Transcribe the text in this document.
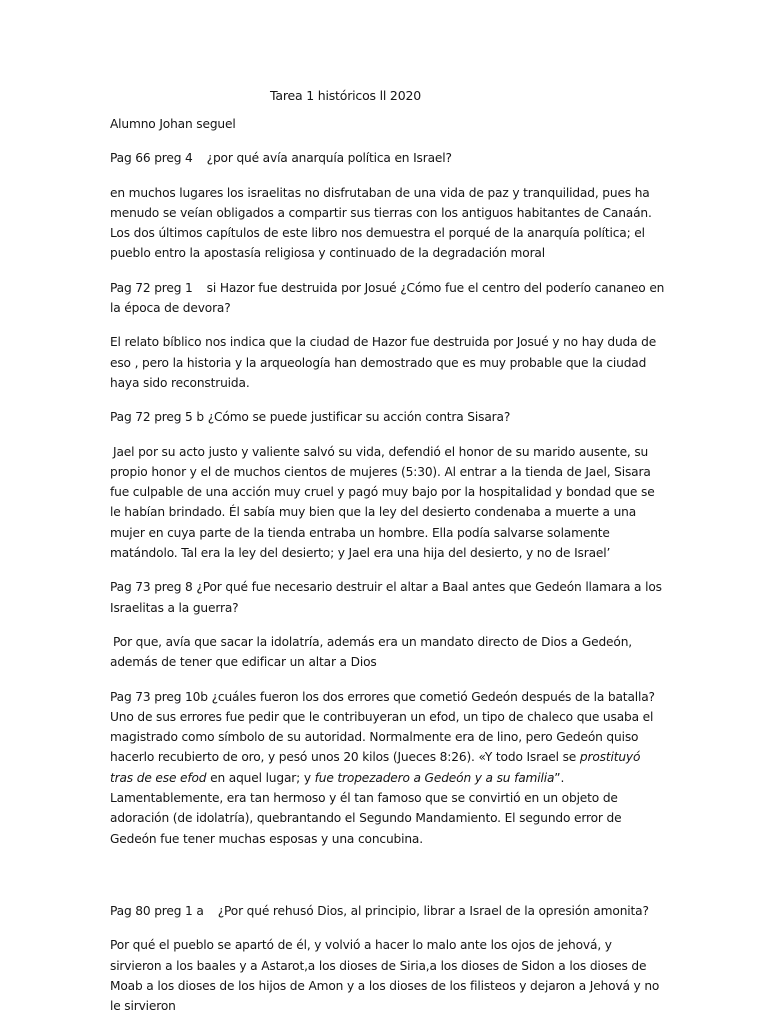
Tarea 1 históricos ll 2020

Alumno Johan seguel

Pag 66 preg 4 ¿por qué avía anarquía política en Israel?

en muchos lugares los israelitas no disfrutaban de una vida de paz y tranquilidad, pues ha menudo se veían obligados a compartir sus tierras con los antiguos habitantes de Canaán. Los dos últimos capítulos de este libro nos demuestra el porqué de la anarquía política; el pueblo entro la apostasía religiosa y continuado de la degradación moral

Pag 72 preg 1 si Hazor fue destruida por Josué ¿Cómo fue el centro del poderío cananeo en la época de devora?

El relato bíblico nos indica que la ciudad de Hazor fue destruida por Josué y no hay duda de eso , pero la historia y la arqueología han demostrado que es muy probable que la ciudad haya sido reconstruida.

Pag 72 preg 5 b ¿Cómo se puede justificar su acción contra Sisara?

Jael por su acto justo y valiente salvó su vida, defendió el honor de su marido ausente, su propio honor y el de muchos cientos de mujeres (5:30). Al entrar a la tienda de Jael, Sisara fue culpable de una acción muy cruel y pagó muy bajo por la hospitalidad y bondad que se le habían brindado. Él sabía muy bien que la ley del desierto condenaba a muerte a una mujer en cuya parte de la tienda entraba un hombre. Ella podía salvarse solamente matándolo. Tal era la ley del desierto; y Jael era una hija del desierto, y no de Israel’

Pag 73 preg 8 ¿Por qué fue necesario destruir el altar a Baal antes que Gedeón llamara a los Israelitas a la guerra?

Por que, avía que sacar la idolatría, además era un mandato directo de Dios a Gedeón, además de tener que edificar un altar a Dios

Pag 73 preg 10b ¿cuáles fueron los dos errores que cometió Gedeón después de la batalla?

Uno de sus errores fue pedir que le contribuyeran un efod, un tipo de chaleco que usaba el magistrado como símbolo de su autoridad. Normalmente era de lino, pero Gedeón quiso hacerlo recubierto de oro, y pesó unos 20 kilos (Jueces 8:26). «Y todo Israel se prostituyó tras de ese efod en aquel lugar; y fue tropezadero a Gedeón y a su familia”. Lamentablemente, era tan hermoso y él tan famoso que se convirtió en un objeto de adoración (de idolatría), quebrantando el Segundo Mandamiento. El segundo error de Gedeón fue tener muchas esposas y una concubina.

Pag 80 preg 1 a ¿Por qué rehusó Dios, al principio, librar a Israel de la opresión amonita?

Por qué el pueblo se apartó de él, y volvió a hacer lo malo ante los ojos de jehová, y sirvieron a los baales y a Astarot,a los dioses de Siria,a los dioses de Sidon a los dioses de Moab a los dioses de los hijos de Amon y a los dioses de los filisteos y dejaron a Jehová y no le sirvieron
